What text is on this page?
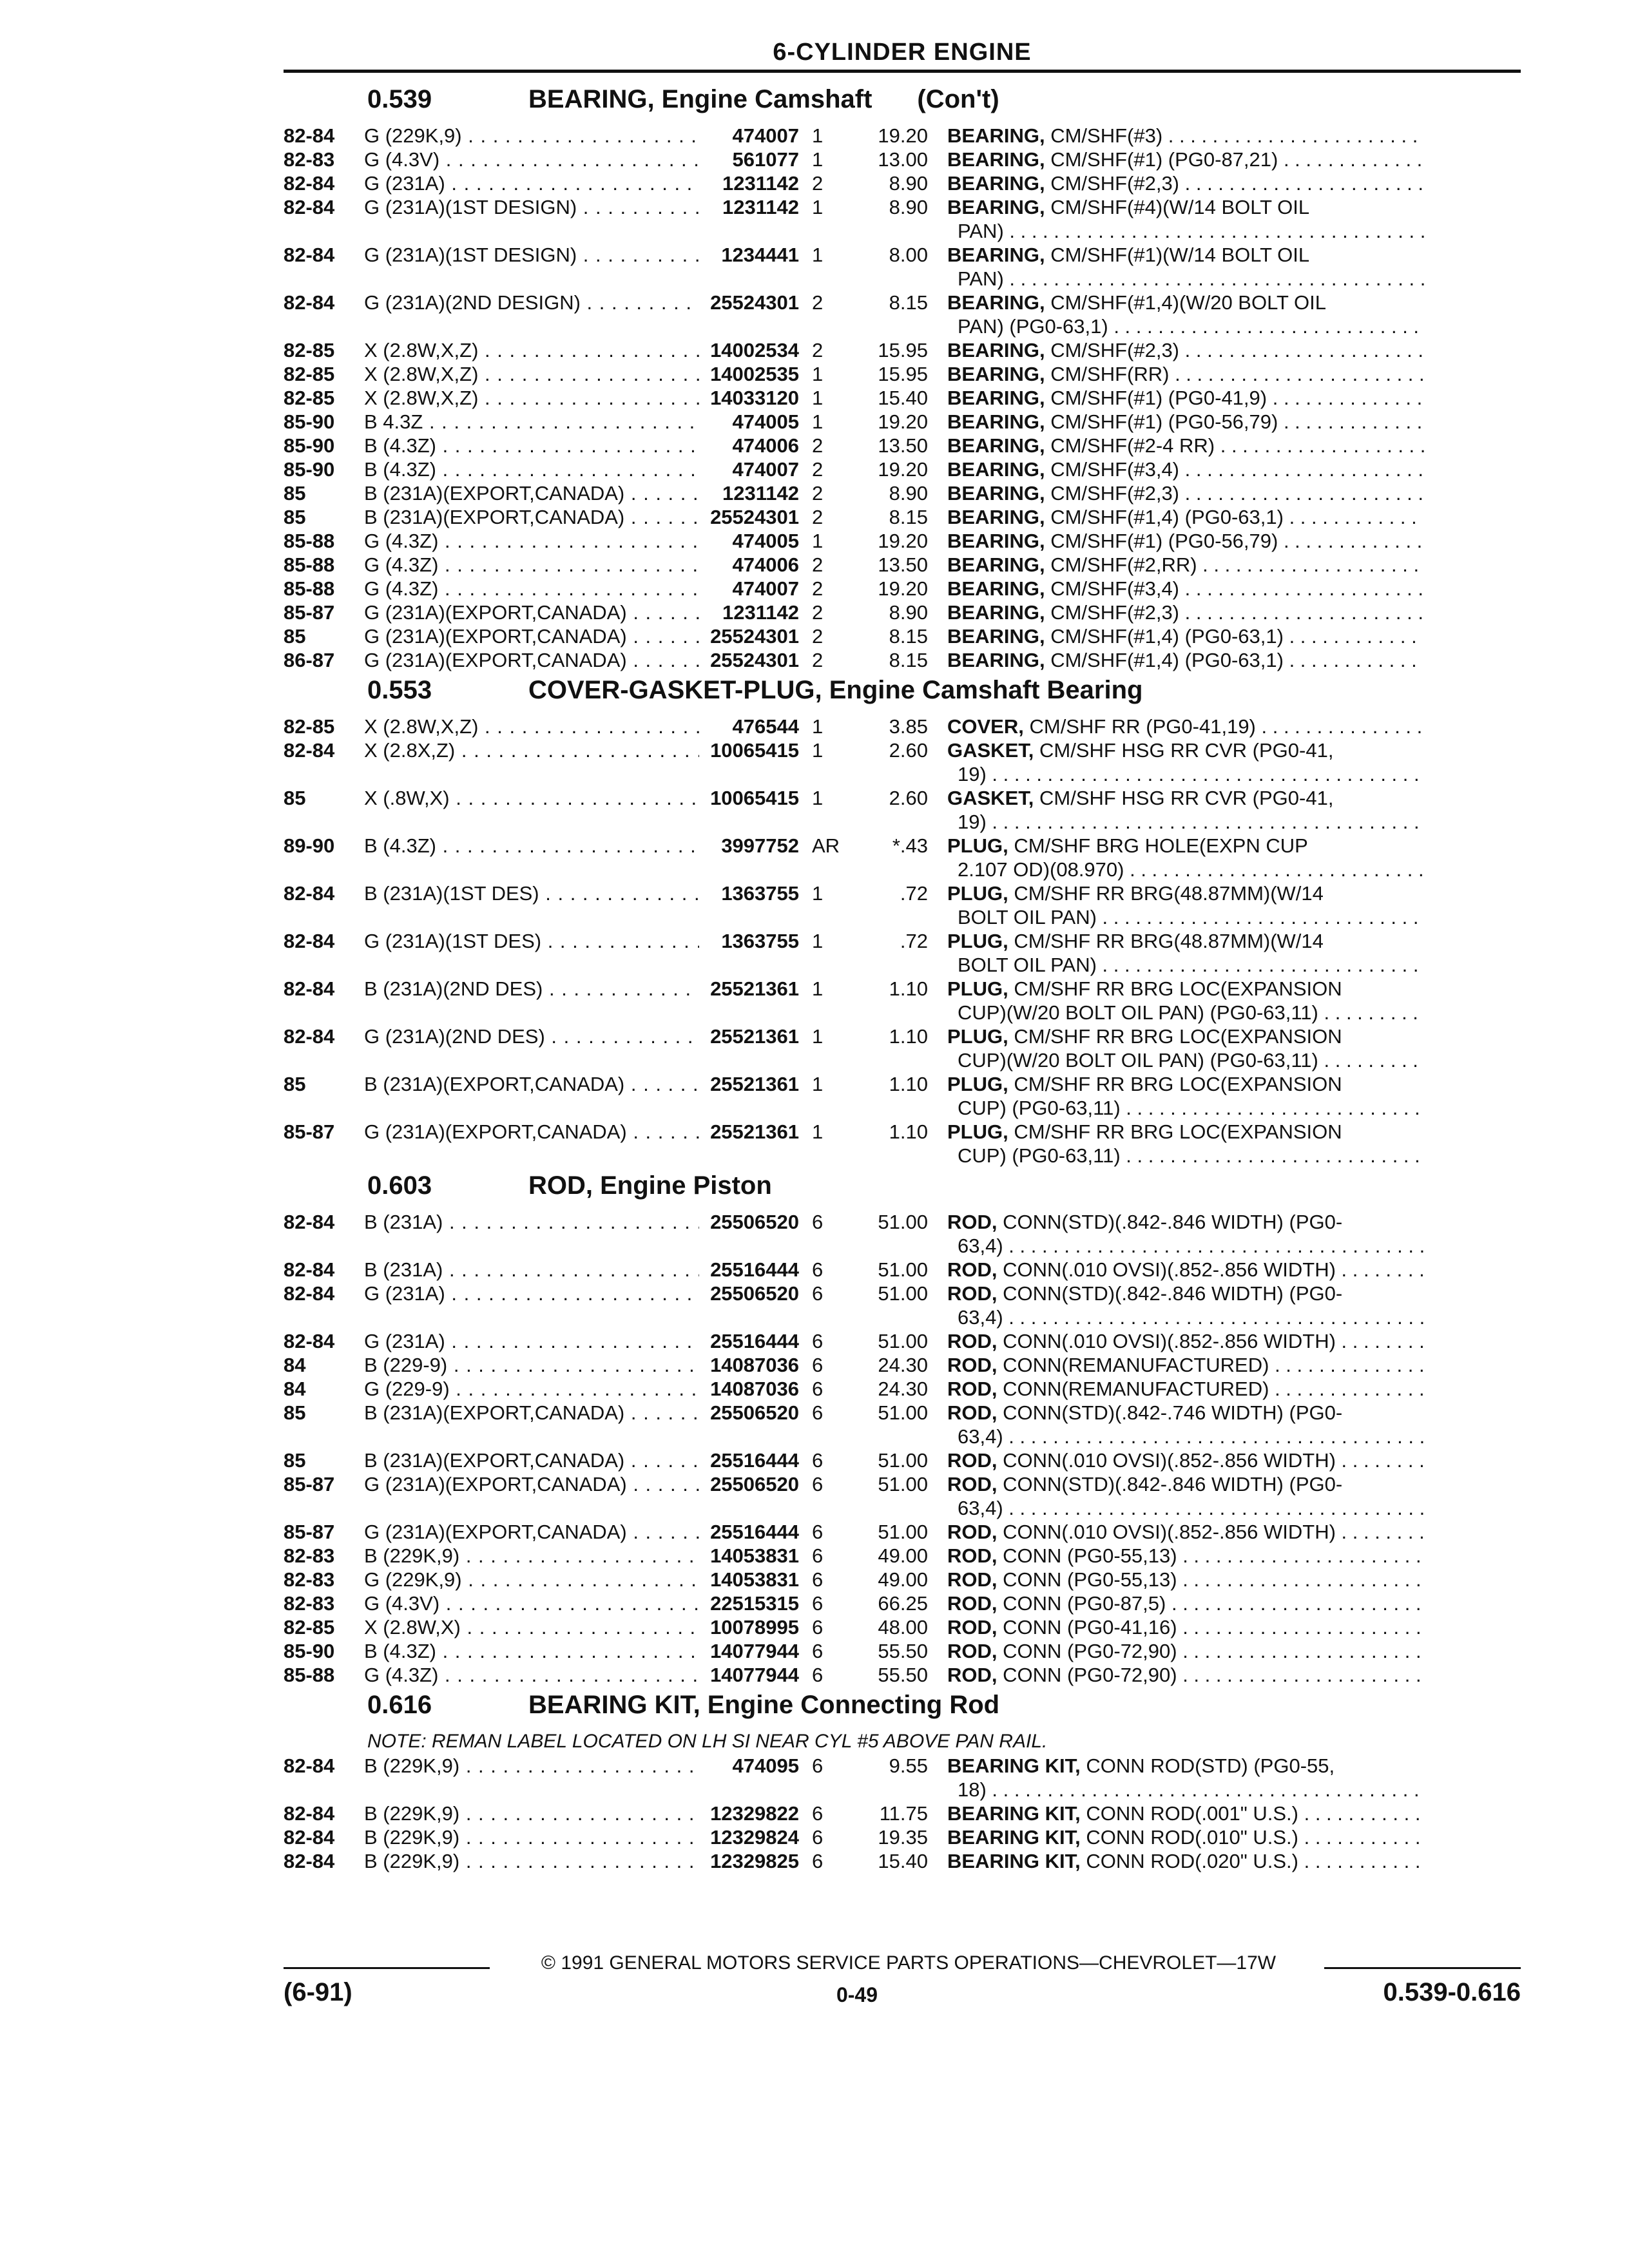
6-CYLINDER ENGINE
0.539	BEARING, Engine Camshaft (Con't)
82-84	G (229K,9) . . .	474007 1	19.20 BEARING, CM/SHF(#3) . . .
82-83	G (4.3V) . . .	561077 1	13.00 BEARING, CM/SHF(#1) (PG0-87,21) . . .
82-84	G (231A) . . .	1231142 2	8.90 BEARING, CM/SHF(#2,3) . . .
82-84	G (231A)(1ST DESIGN) . . .	1231142 1	8.90 BEARING, CM/SHF(#4)(W/14 BOLT OIL
PAN) . . .
82-84	G (231A)(1ST DESIGN) . . .	1234441 1	8.00 BEARING, CM/SHF(#1)(W/14 BOLT OIL
PAN) . . .
82-84	G (231A)(2ND DESIGN) . . .	25524301 2	8.15 BEARING, CM/SHF(#1,4)(W/20 BOLT OIL
PAN) (PG0-63,1) . . .
82-85	X (2.8W,X,Z) . . .	14002534 2	15.95 BEARING, CM/SHF(#2,3) . . .
82-85	X (2.8W,X,Z) . . .	14002535 1	15.95 BEARING, CM/SHF(RR) . . .
82-85	X (2.8W,X,Z) . . .	14033120 1	15.40 BEARING, CM/SHF(#1) (PG0-41,9) . . .
85-90	B 4.3Z . . .	474005 1	19.20 BEARING, CM/SHF(#1) (PG0-56,79) . . .
85-90	B (4.3Z) . . .	474006 2	13.50 BEARING, CM/SHF(#2-4 RR) . . .
85-90	B (4.3Z) . . .	474007 2	19.20 BEARING, CM/SHF(#3,4) . . .
85	B (231A)(EXPORT,CANADA) . . .	1231142 2	8.90 BEARING, CM/SHF(#2,3) . . .
85	B (231A)(EXPORT,CANADA) . . .	25524301 2	8.15 BEARING, CM/SHF(#1,4) (PG0-63,1) . . .
85-88	G (4.3Z) . . .	474005 1	19.20 BEARING, CM/SHF(#1) (PG0-56,79) . . .
85-88	G (4.3Z) . . .	474006 2	13.50 BEARING, CM/SHF(#2,RR) . . .
85-88	G (4.3Z) . . .	474007 2	19.20 BEARING, CM/SHF(#3,4) . . .
85-87	G (231A)(EXPORT,CANADA) . . .	1231142 2	8.90 BEARING, CM/SHF(#2,3) . . .
85	G (231A)(EXPORT,CANADA) . . .	25524301 2	8.15 BEARING, CM/SHF(#1,4) (PG0-63,1) . . .
86-87	G (231A)(EXPORT,CANADA) . . .	25524301 2	8.15 BEARING, CM/SHF(#1,4) (PG0-63,1) . . .
0.553	COVER-GASKET-PLUG, Engine Camshaft Bearing
82-85	X (2.8W,X,Z) . . .	476544 1	3.85 COVER, CM/SHF RR (PG0-41,19) . . .
82-84	X (2.8X,Z) . . .	10065415 1	2.60 GASKET, CM/SHF HSG RR CVR (PG0-41,
19) . . .
85	X (.8W,X) . . .	10065415 1	2.60 GASKET, CM/SHF HSG RR CVR (PG0-41,
19) . . .
89-90	B (4.3Z) . . .	3997752 AR	*.43 PLUG, CM/SHF BRG HOLE(EXPN CUP
2.107 OD)(08.970) . . .
82-84	B (231A)(1ST DES) . . .	1363755 1	.72 PLUG, CM/SHF RR BRG(48.87MM)(W/14
BOLT OIL PAN) . . .
82-84	G (231A)(1ST DES) . . .	1363755 1	.72 PLUG, CM/SHF RR BRG(48.87MM)(W/14
BOLT OIL PAN) . . .
82-84	B (231A)(2ND DES) . . .	25521361 1	1.10 PLUG, CM/SHF RR BRG LOC(EXPANSION
CUP)(W/20 BOLT OIL PAN) (PG0-63,11) . . .
82-84	G (231A)(2ND DES) . . .	25521361 1	1.10 PLUG, CM/SHF RR BRG LOC(EXPANSION
CUP)(W/20 BOLT OIL PAN) (PG0-63,11) . . .
85	B (231A)(EXPORT,CANADA) . . .	25521361 1	1.10 PLUG, CM/SHF RR BRG LOC(EXPANSION
CUP) (PG0-63,11) . . .
85-87	G (231A)(EXPORT,CANADA) . . .	25521361 1	1.10 PLUG, CM/SHF RR BRG LOC(EXPANSION
CUP) (PG0-63,11) . . .
0.603	ROD, Engine Piston
82-84	B (231A) . . .	25506520 6	51.00 ROD, CONN(STD)(.842-.846 WIDTH) (PG0-
63,4) . . .
82-84	B (231A) . . .	25516444 6	51.00 ROD, CONN(.010 OVSI)(.852-.856 WIDTH) . . .
82-84	G (231A) . . .	25506520 6	51.00 ROD, CONN(STD)(.842-.846 WIDTH) (PG0-
63,4) . . .
82-84	G (231A) . . .	25516444 6	51.00 ROD, CONN(.010 OVSI)(.852-.856 WIDTH) . . .
84	B (229-9) . . .	14087036 6	24.30 ROD, CONN(REMANUFACTURED) . . .
84	G (229-9) . . .	14087036 6	24.30 ROD, CONN(REMANUFACTURED) . . .
85	B (231A)(EXPORT,CANADA) . . .	25506520 6	51.00 ROD, CONN(STD)(.842-.746 WIDTH) (PG0-
63,4) . . .
85	B (231A)(EXPORT,CANADA) . . .	25516444 6	51.00 ROD, CONN(.010 OVSI)(.852-.856 WIDTH) . . .
85-87	G (231A)(EXPORT,CANADA) . . .	25506520 6	51.00 ROD, CONN(STD)(.842-.846 WIDTH) (PG0-
63,4) . . .
85-87	G (231A)(EXPORT,CANADA) . . .	25516444 6	51.00 ROD, CONN(.010 OVSI)(.852-.856 WIDTH) . . .
82-83	B (229K,9) . . .	14053831 6	49.00 ROD, CONN (PG0-55,13) . . .
82-83	G (229K,9) . . .	14053831 6	49.00 ROD, CONN (PG0-55,13) . . .
82-83	G (4.3V) . . .	22515315 6	66.25 ROD, CONN (PG0-87,5) . . .
82-85	X (2.8W,X) . . .	10078995 6	48.00 ROD, CONN (PG0-41,16) . . .
85-90	B (4.3Z) . . .	14077944 6	55.50 ROD, CONN (PG0-72,90) . . .
85-88	G (4.3Z) . . .	14077944 6	55.50 ROD, CONN (PG0-72,90) . . .
0.616	BEARING KIT, Engine Connecting Rod
NOTE: REMAN LABEL LOCATED ON LH SI NEAR CYL #5 ABOVE PAN RAIL.
82-84	B (229K,9) . . .	474095 6	9.55 BEARING KIT, CONN ROD(STD) (PG0-55,
18) . . .
82-84	B (229K,9) . . .	12329822 6	11.75 BEARING KIT, CONN ROD(.001" U.S.) . . .
82-84	B (229K,9) . . .	12329824 6	19.35 BEARING KIT, CONN ROD(.010" U.S.) . . .
82-84	B (229K,9) . . .	12329825 6	15.40 BEARING KIT, CONN ROD(.020" U.S.) . . .
© 1991 GENERAL MOTORS SERVICE PARTS OPERATIONS—CHEVROLET—17W
(6-91)	0-49	0.539-0.616
